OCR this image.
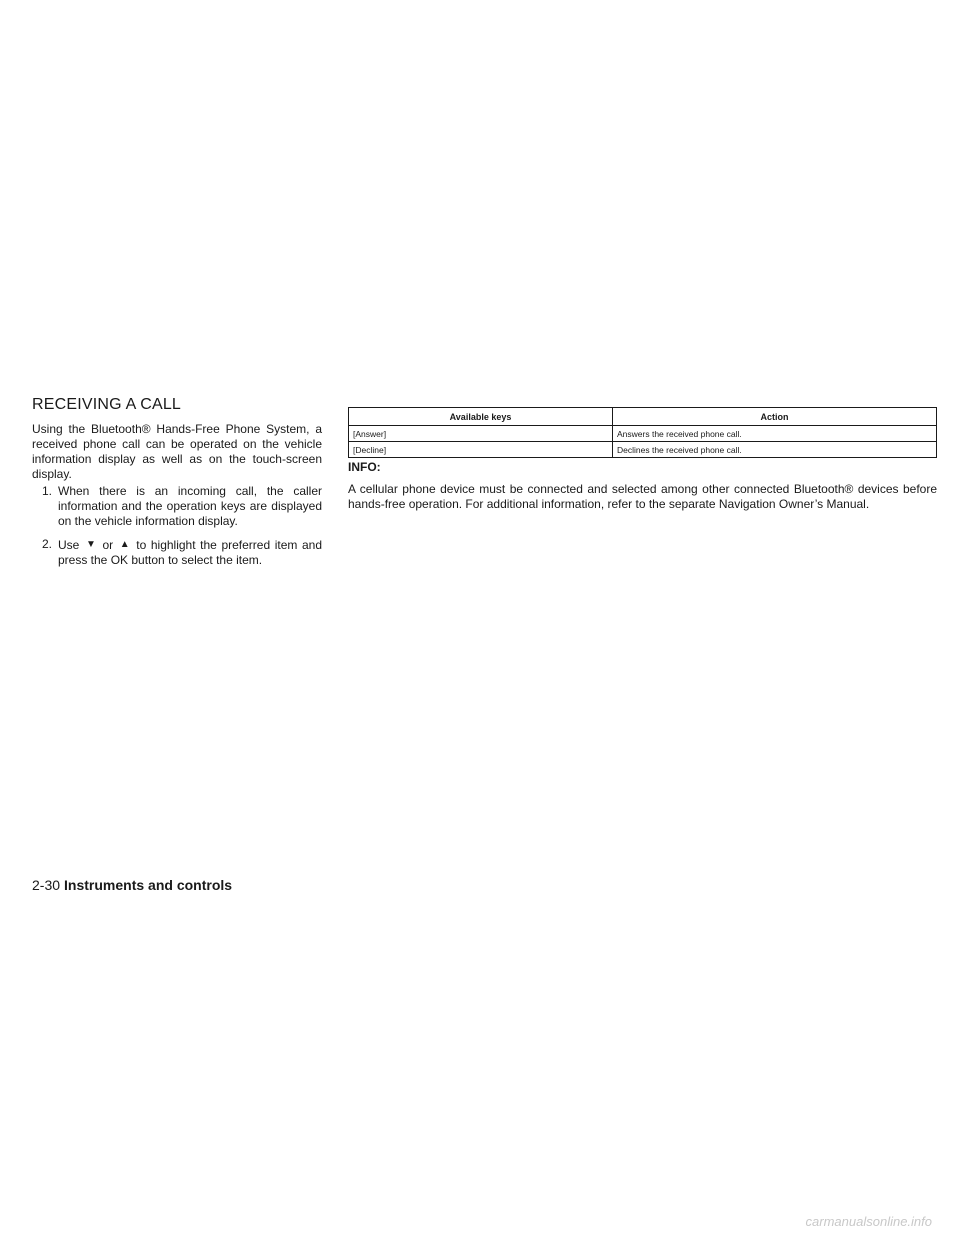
RECEIVING A CALL

Using the Bluetooth® Hands-Free Phone System, a received phone call can be operated on the vehicle information display as well as on the touch-screen display.

1. When there is an incoming call, the caller information and the operation keys are displayed on the vehicle information display.
2. Use ▼ or ▲ to highlight the preferred item and press the OK button to select the item.
Available keys	Action
[Answer]	Answers the received phone call.
[Decline]	Declines the received phone call.
INFO:

A cellular phone device must be connected and selected among other connected Bluetooth® devices before hands-free operation. For additional information, refer to the separate Navigation Owner’s Manual.

2-30 Instruments and controls
carmanualsonline.info
